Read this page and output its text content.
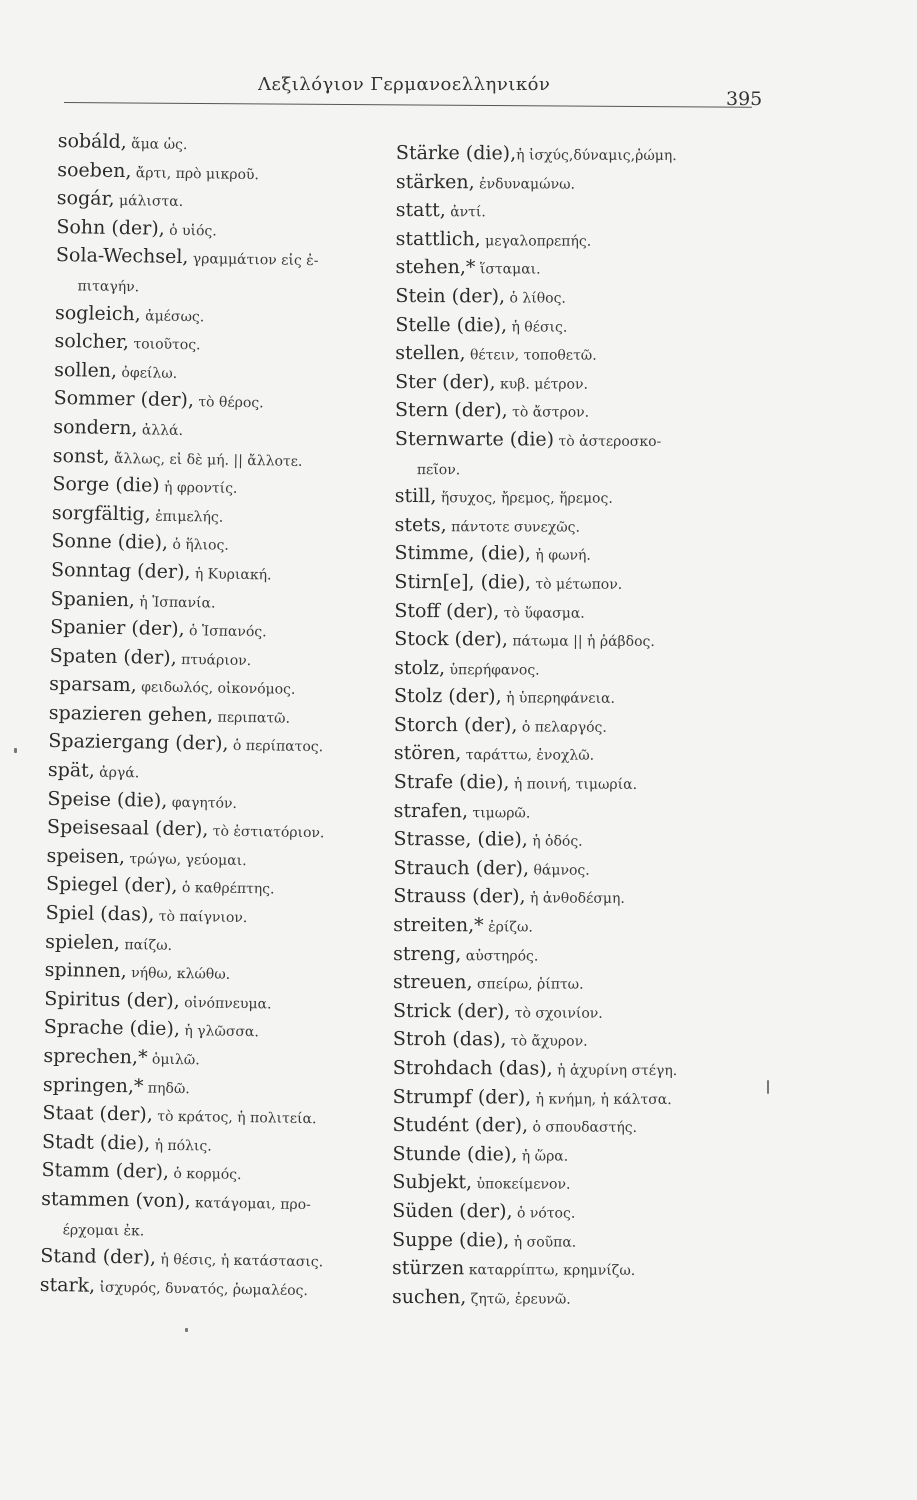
Λεξιλόγιον Γερμανοελληνικόν
395
sobáld, ἅμα ὡς.
soeben, ἄρτι, πρὸ μικροῦ.
sogár, μάλιστα.
Sohn (der), ὁ υἱός.
Sola-Wechsel, γραμμάτιον εἰς ἐ-
πιταγήν.
sogleich, ἀμέσως.
solcher, τοιοῦτος.
sollen, ὀφείλω.
Sommer (der), τὸ θέρος.
sondern, ἀλλά.
sonst, ἄλλως, εἰ δὲ μή. || ἄλλοτε.
Sorge (die) ἡ φροντίς.
sorgfältig, ἐπιμελής.
Sonne (die), ὁ ἥλιος.
Sonntag (der), ἡ Κυριακή.
Spanien, ἡ Ἱσπανία.
Spanier (der), ὁ Ἱσπανός.
Spaten (der), πτυάριον.
sparsam, φειδωλός, οἰκονόμος.
spazieren gehen, περιπατῶ.
Spaziergang (der), ὁ περίπατος.
spät, ἀργά.
Speise (die), φαγητόν.
Speisesaal (der), τὸ ἑστιατόριον.
speisen, τρώγω, γεύομαι.
Spiegel (der), ὁ καθρέπτης.
Spiel (das), τὸ παίγνιον.
spielen, παίζω.
spinnen, νήθω, κλώθω.
Spiritus (der), οἰνόπνευμα.
Sprache (die), ἡ γλῶσσα.
sprechen,* ὁμιλῶ.
springen,* πηδῶ.
Staat (der), τὸ κράτος, ἡ πολιτεία.
Stadt (die), ἡ πόλις.
Stamm (der), ὁ κορμός.
stammen (von), κατάγομαι, προ-
έρχομαι ἐκ.
Stand (der), ἡ θέσις, ἡ κατάστασις.
stark, ἰσχυρός, δυνατός, ῥωμαλέος.
Stärke (die),ἡ ἰσχύς,δύναμις,ῥώμη.
stärken, ἐνδυναμώνω.
statt, ἀντί.
stattlich, μεγαλοπρεπής.
stehen,* ἵσταμαι.
Stein (der), ὁ λίθος.
Stelle (die), ἡ θέσις.
stellen, θέτειν, τοποθετῶ.
Ster (der), κυβ. μέτρον.
Stern (der), τὸ ἄστρον.
Sternwarte (die) τὸ ἀστεροσκο-
πεῖον.
still, ἥσυχος, ἤρεμος, ἥρεμος.
stets, πάντοτε συνεχῶς.
Stimme, (die), ἡ φωνή.
Stirn[e], (die), τὸ μέτωπον.
Stoff (der), τὸ ὕφασμα.
Stock (der), πάτωμα || ἡ ῥάβδος.
stolz, ὑπερήφανος.
Stolz (der), ἡ ὑπερηφάνεια.
Storch (der), ὁ πελαργός.
stören, ταράττω, ἐνοχλῶ.
Strafe (die), ἡ ποινή, τιμωρία.
strafen, τιμωρῶ.
Strasse, (die), ἡ ὁδός.
Strauch (der), θάμνος.
Strauss (der), ἡ ἀνθοδέσμη.
streiten,* ἐρίζω.
streng, αὐστηρός.
streuen, σπείρω, ῥίπτω.
Strick (der), τὸ σχοινίον.
Stroh (das), τὸ ἄχυρον.
Strohdach (das), ἡ ἀχυρίνη στέγη.
Strumpf (der), ἡ κνήμη, ἡ κάλτσα.
Studént (der), ὁ σπουδαστής.
Stunde (die), ἡ ὥρα.
Subjekt, ὑποκείμενον.
Süden (der), ὁ νότος.
Suppe (die), ἡ σοῦπα.
stürzen καταρρίπτω, κρημνίζω.
suchen, ζητῶ, ἐρευνῶ.
